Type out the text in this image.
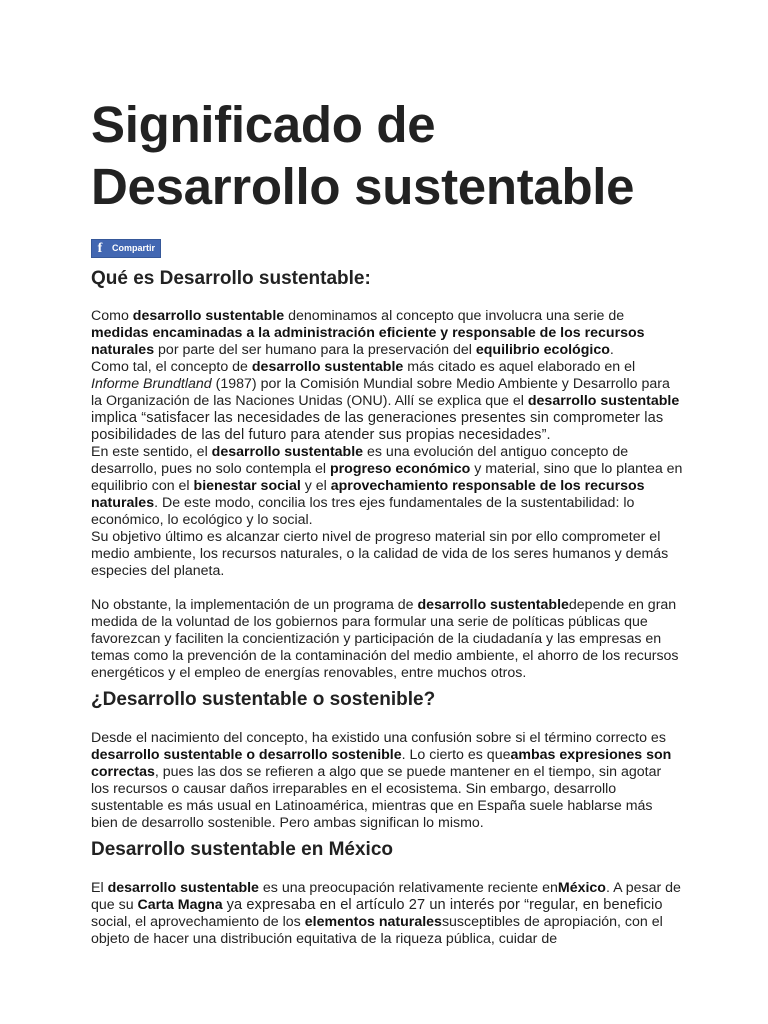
Significado de Desarrollo sustentable
f	Compartir
Qué es Desarrollo sustentable:

Como desarrollo sustentable denominamos al concepto que involucra una serie de medidas encaminadas a la administración eficiente y responsable de los recursos naturales por parte del ser humano para la preservación del equilibrio ecológico.
Como tal, el concepto de desarrollo sustentable más citado es aquel elaborado en el Informe Brundtland (1987) por la Comisión Mundial sobre Medio Ambiente y Desarrollo para la Organización de las Naciones Unidas (ONU). Allí se explica que el desarrollo sustentable implica “satisfacer las necesidades de las generaciones presentes sin comprometer las posibilidades de las del futuro para atender sus propias necesidades”.
En este sentido, el desarrollo sustentable es una evolución del antiguo concepto de desarrollo, pues no solo contempla el progreso económico y material, sino que lo plantea en equilibrio con el bienestar social y el aprovechamiento responsable de los recursos naturales. De este modo, concilia los tres ejes fundamentales de la sustentabilidad: lo económico, lo ecológico y lo social.
Su objetivo último es alcanzar cierto nivel de progreso material sin por ello comprometer el medio ambiente, los recursos naturales, o la calidad de vida de los seres humanos y demás especies del planeta.

No obstante, la implementación de un programa de desarrollo sustentabledepende en gran medida de la voluntad de los gobiernos para formular una serie de políticas públicas que favorezcan y faciliten la concientización y participación de la ciudadanía y las empresas en temas como la prevención de la contaminación del medio ambiente, el ahorro de los recursos energéticos y el empleo de energías renovables, entre muchos otros.

¿Desarrollo sustentable o sostenible?

Desde el nacimiento del concepto, ha existido una confusión sobre si el término correcto es desarrollo sustentable o desarrollo sostenible. Lo cierto es queambas expresiones son correctas, pues las dos se refieren a algo que se puede mantener en el tiempo, sin agotar los recursos o causar daños irreparables en el ecosistema. Sin embargo, desarrollo sustentable es más usual en Latinoamérica, mientras que en España suele hablarse más bien de desarrollo sostenible. Pero ambas significan lo mismo.

Desarrollo sustentable en México

El desarrollo sustentable es una preocupación relativamente reciente enMéxico. A pesar de que su Carta Magna ya expresaba en el artículo 27 un interés por “regular, en beneficio social, el aprovechamiento de los elementos naturalessusceptibles de apropiación, con el objeto de hacer una distribución equitativa de la riqueza pública, cuidar de
